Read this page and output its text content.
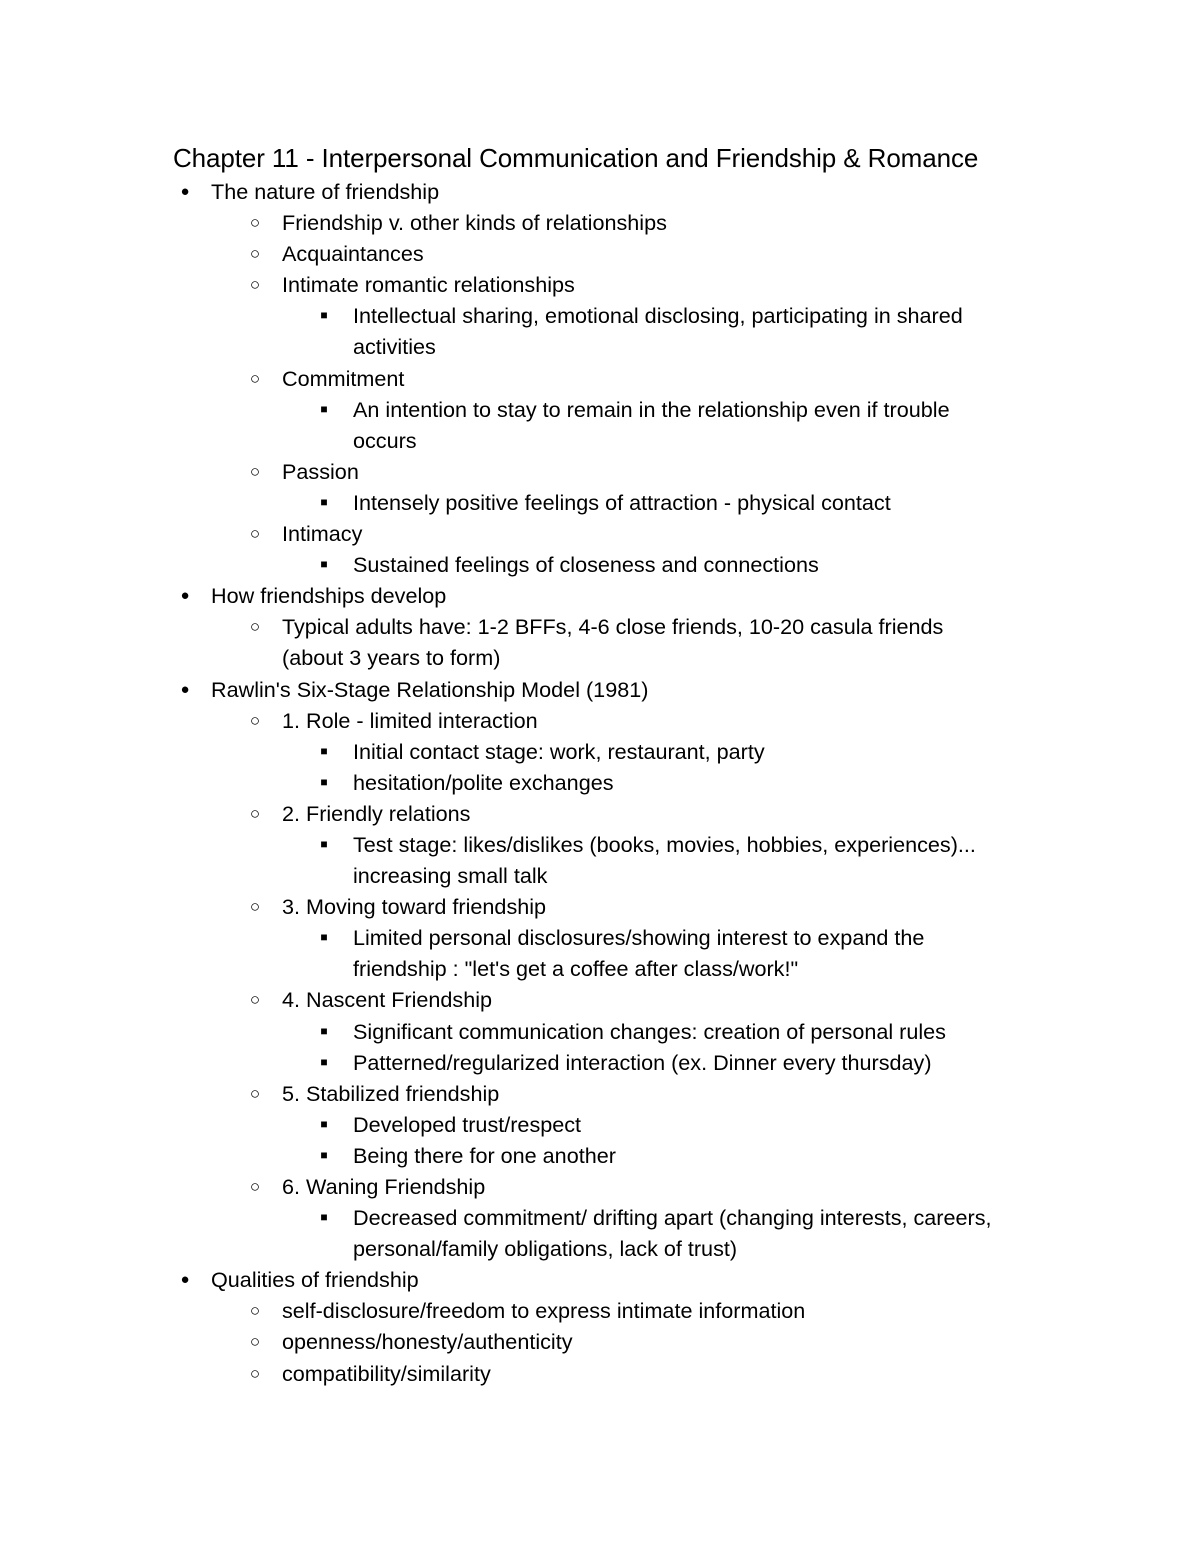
Chapter 11 - Interpersonal Communication and Friendship & Romance
● The nature of friendship
○ Friendship v. other kinds of relationships
○ Acquaintances
○ Intimate romantic relationships
■ Intellectual sharing, emotional disclosing, participating in shared
activities
○ Commitment
■ An intention to stay to remain in the relationship even if trouble
occurs
○ Passion
■ Intensely positive feelings of attraction - physical contact
○ Intimacy
■ Sustained feelings of closeness and connections
● How friendships develop
○ Typical adults have: 1-2 BFFs, 4-6 close friends, 10-20 casula friends
(about 3 years to form)
● Rawlin's Six-Stage Relationship Model (1981)
○ 1. Role - limited interaction
■ Initial contact stage: work, restaurant, party
■ hesitation/polite exchanges
○ 2. Friendly relations
■ Test stage: likes/dislikes (books, movies, hobbies, experiences)...
increasing small talk
○ 3. Moving toward friendship
■ Limited personal disclosures/showing interest to expand the
friendship : "let's get a coffee after class/work!"
○ 4. Nascent Friendship
■ Significant communication changes: creation of personal rules
■ Patterned/regularized interaction (ex. Dinner every thursday)
○ 5. Stabilized friendship
■ Developed trust/respect
■ Being there for one another
○ 6. Waning Friendship
■ Decreased commitment/ drifting apart (changing interests, careers,
personal/family obligations, lack of trust)
● Qualities of friendship
○ self-disclosure/freedom to express intimate information
○ openness/honesty/authenticity
○ compatibility/similarity
